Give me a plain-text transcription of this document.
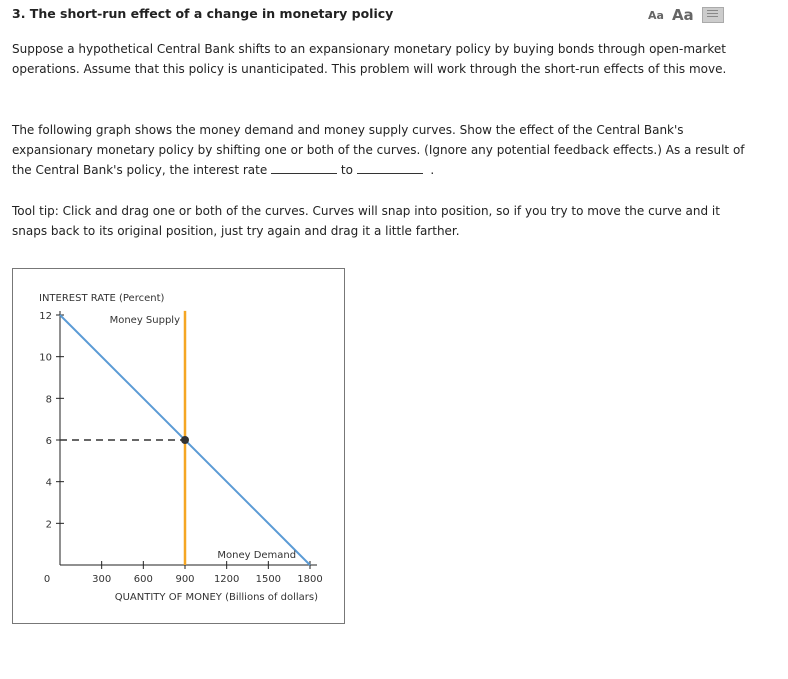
3. The short-run effect of a change in monetary policy	Aa Aa

Suppose a hypothetical Central Bank shifts to an expansionary monetary policy by buying bonds through open-market operations. Assume that this policy is unanticipated. This problem will work through the short-run effects of this move.

The following graph shows the money demand and money supply curves. Show the effect of the Central Bank's expansionary monetary policy by shifting one or both of the curves. (Ignore any potential feedback effects.) As a result of the Central Bank's policy, the interest rate	to	.

Tool tip: Click and drag one or both of the curves. Curves will snap into position, so if you try to move the curve and it snaps back to its original position, just try again and drag it a little farther.

INTEREST RATE (Percent)
2
4
6
8
10
12
300 600 900 1200 1500 1800
0
QUANTITY OF MONEY (Billions of dollars)
Money Supply
Money Demand
